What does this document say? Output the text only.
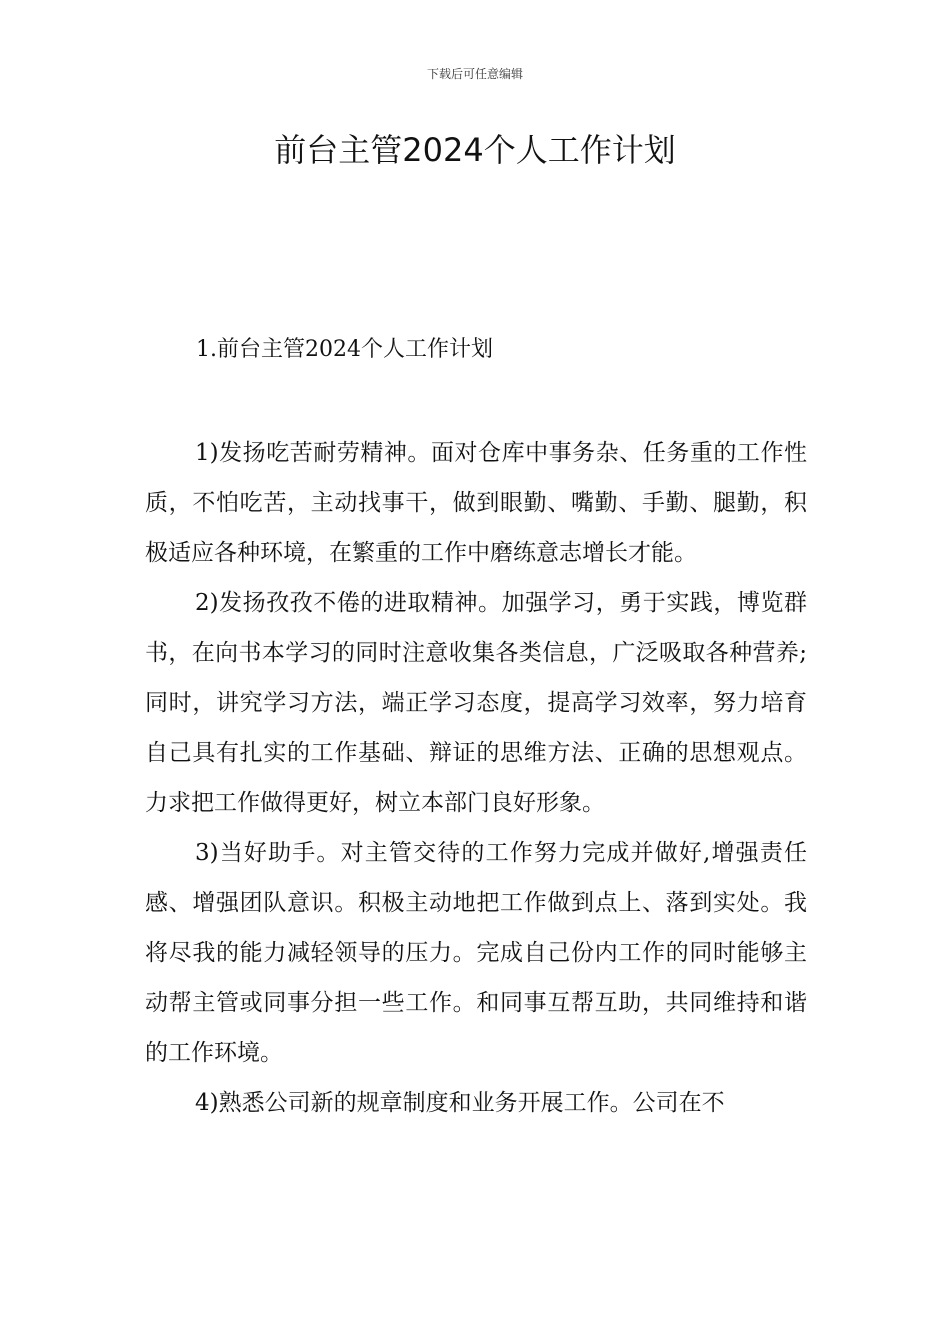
下载后可任意编辑

前台主管2024个人工作计划

1.前台主管2024个人工作计划

1)发扬吃苦耐劳精神。面对仓库中事务杂、任务重的工作性质，不怕吃苦，主动找事干，做到眼勤、嘴勤、手勤、腿勤，积极适应各种环境，在繁重的工作中磨练意志增长才能。

2)发扬孜孜不倦的进取精神。加强学习，勇于实践，博览群书，在向书本学习的同时注意收集各类信息，广泛吸取各种营养;同时，讲究学习方法，端正学习态度，提高学习效率，努力培育自己具有扎实的工作基础、辩证的思维方法、正确的思想观点。力求把工作做得更好，树立本部门良好形象。

3)当好助手。对主管交待的工作努力完成并做好,增强责任感、增强团队意识。积极主动地把工作做到点上、落到实处。我将尽我的能力减轻领导的压力。完成自己份内工作的同时能够主动帮主管或同事分担一些工作。和同事互帮互助，共同维持和谐的工作环境。

4)熟悉公司新的规章制度和业务开展工作。公司在不
